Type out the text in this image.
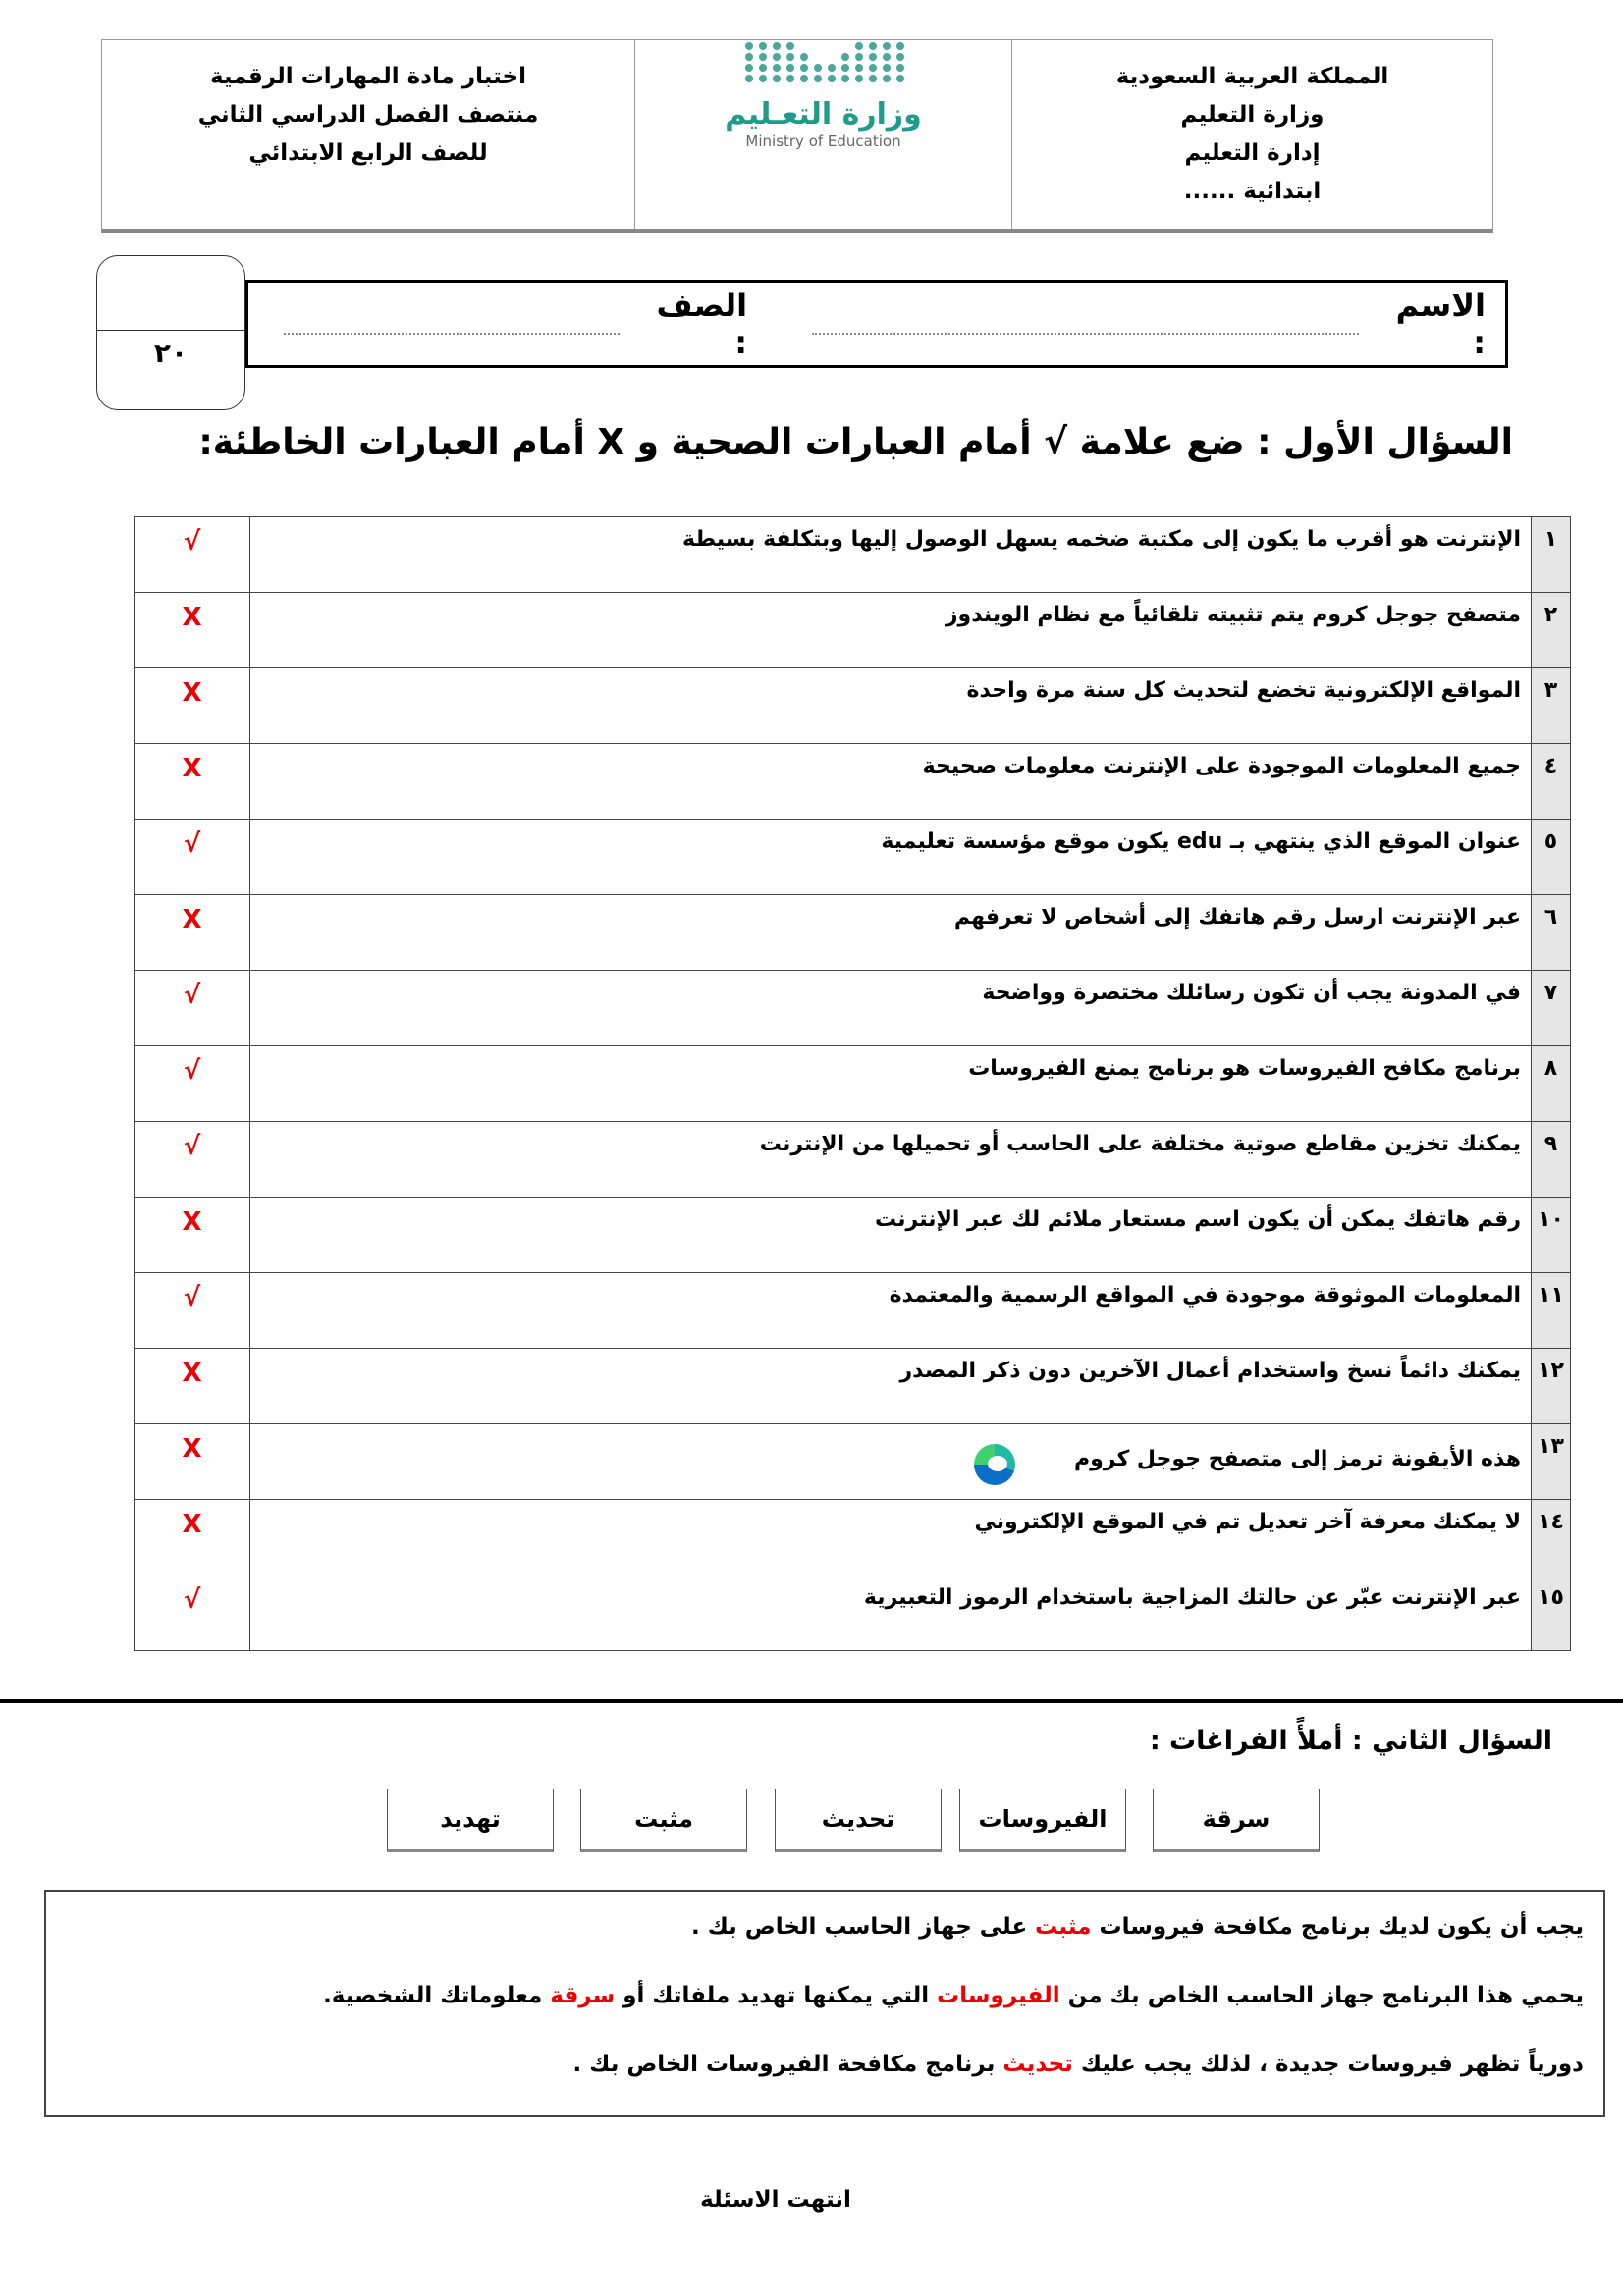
اختبار مادة المهارات الرقمية
منتصف الفصل الدراسي الثاني
للصف الرابع الابتدائي
وزارة التعـليم
Ministry of Education
المملكة العربية السعودية
وزارة التعليم
إدارة التعليم
ابتدائية ......
٢٠
الاسم :
الصف :
السؤال الأول : ضع علامة √ أمام العبارات الصحية و X أمام العبارات الخاطئة:
١	الإنترنت هو أقرب ما يكون إلى مكتبة ضخمه يسهل الوصول إليها وبتكلفة بسيطة	√
٢	متصفح جوجل كروم يتم تثبيته تلقائياً مع نظام الويندوز	X
٣	المواقع الإلكترونية تخضع لتحديث كل سنة مرة واحدة	X
٤	جميع المعلومات الموجودة على الإنترنت معلومات صحيحة	X
٥	عنوان الموقع الذي ينتهي بـ edu يكون موقع مؤسسة تعليمية	√
٦	عبر الإنترنت ارسل رقم هاتفك إلى أشخاص لا تعرفهم	X
٧	في المدونة يجب أن تكون رسائلك مختصرة وواضحة	√
٨	برنامج مكافح الفيروسات هو برنامج يمنع الفيروسات	√
٩	يمكنك تخزين مقاطع صوتية مختلفة على الحاسب أو تحميلها من الإنترنت	√
١٠	رقم هاتفك يمكن أن يكون اسم مستعار ملائم لك عبر الإنترنت	X
١١	المعلومات الموثوقة موجودة في المواقع الرسمية والمعتمدة	√
١٢	يمكنك دائماً نسخ واستخدام أعمال الآخرين دون ذكر المصدر	X
١٣	هذه الأيقونة ترمز إلى متصفح جوجل كروم	X
١٤	لا يمكنك معرفة آخر تعديل تم في الموقع الإلكتروني	X
١٥	عبر الإنترنت عبّر عن حالتك المزاجية باستخدام الرموز التعبيرية	√
السؤال الثاني : أملأً الفراغات :
سرقة
الفيروسات
تحديث
مثبت
تهديد

يجب أن يكون لديك برنامج مكافحة فيروسات مثبت على جهاز الحاسب الخاص بك .

يحمي هذا البرنامج جهاز الحاسب الخاص بك من الفيروسات التي يمكنها تهديد ملفاتك أو سرقة معلوماتك الشخصية.

دورياً تظهر فيروسات جديدة ، لذلك يجب عليك تحديث برنامج مكافحة الفيروسات الخاص بك .

انتهت الاسئلة
